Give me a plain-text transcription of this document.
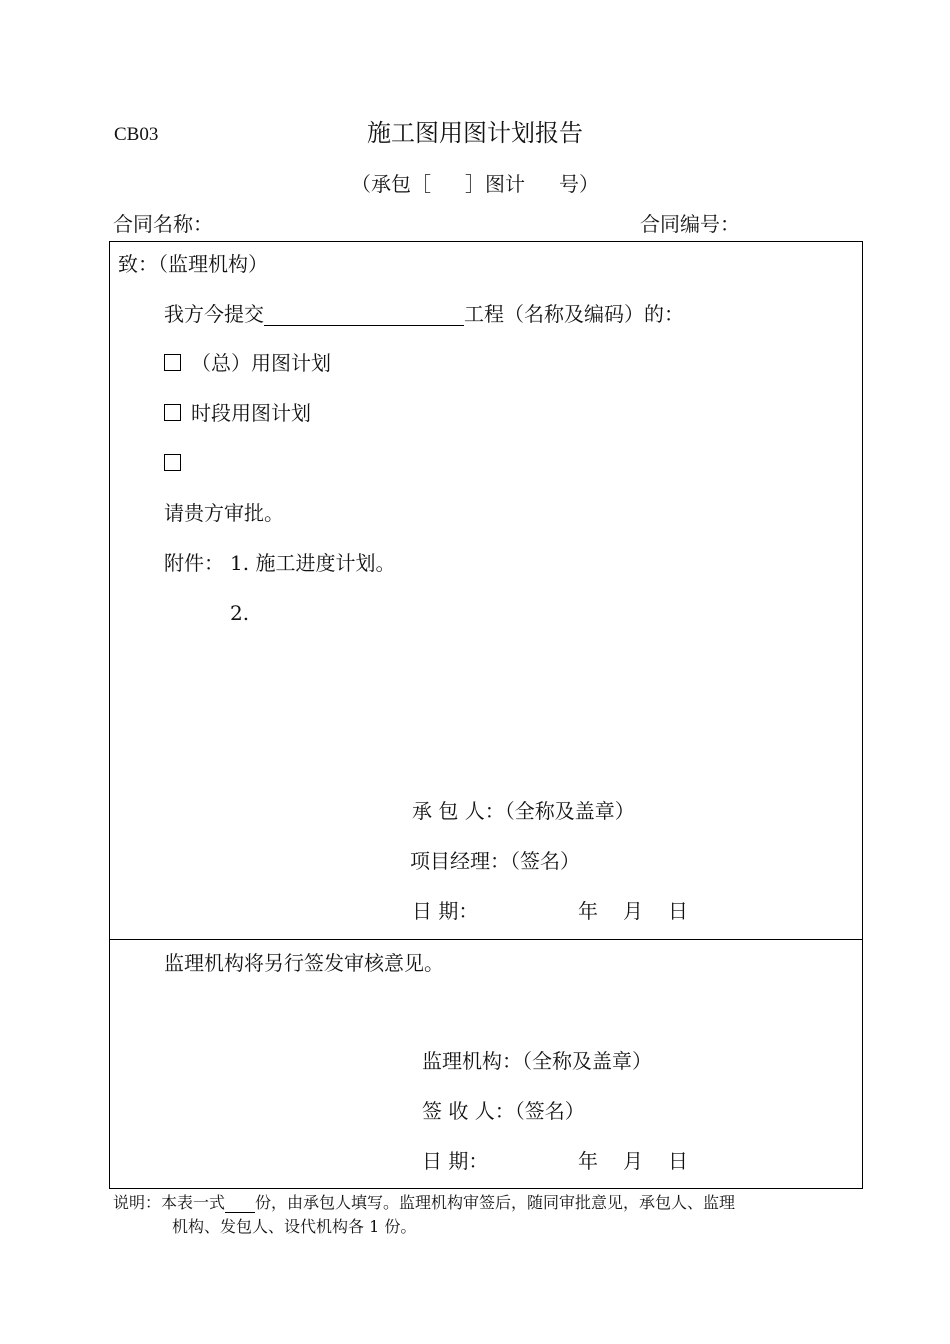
CB03	施工图用图计划报告
（承包［ ］图计 号）
合同名称：	合同编号：
致：（监理机构）
我方今提交	工程（名称及编码）的：
（总）用图计划
时段用图计划
请贵方审批。
附件： 1. 施工进度计划。
2.
承 包 人：（全称及盖章）
项目经理：（签名）
日 期：	年 月 日
监理机构将另行签发审核意见。
监理机构：（全称及盖章）
签 收 人：（签名）
日 期：	年 月 日
说明：本表一式 份，由承包人填写。监理机构审签后，随同审批意见，承包人、监理
机构、发包人、设代机构各 1 份。
